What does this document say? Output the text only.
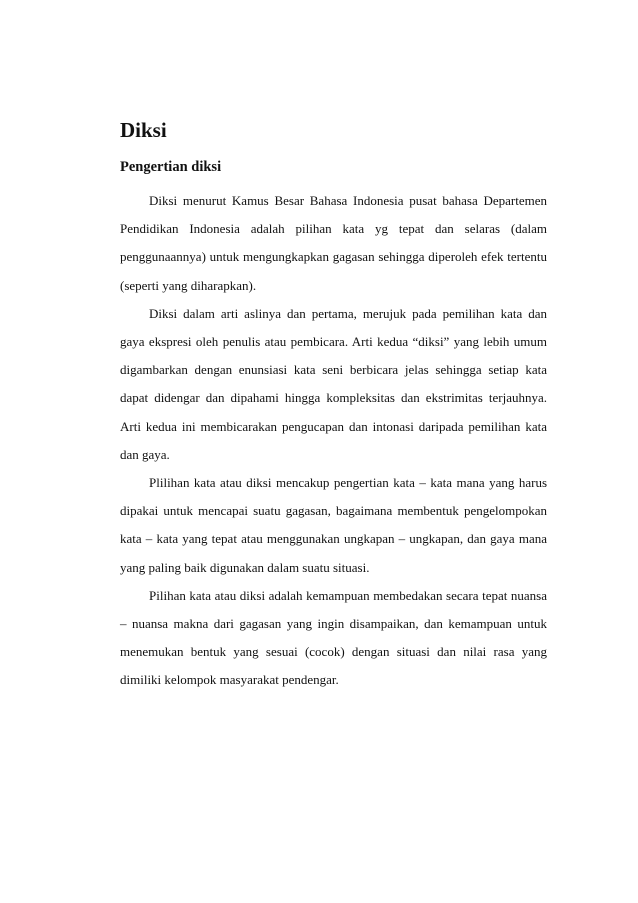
Diksi
Pengertian diksi

Diksi menurut Kamus Besar Bahasa Indonesia pusat bahasa Departemen Pendidikan Indonesia adalah pilihan kata yg tepat dan selaras (dalam penggunaannya) untuk mengungkapkan gagasan sehingga diperoleh efek tertentu (seperti yang diharapkan).

Diksi dalam arti aslinya dan pertama, merujuk pada pemilihan kata dan gaya ekspresi oleh penulis atau pembicara. Arti kedua “diksi” yang lebih umum digambarkan dengan enunsiasi kata seni berbicara jelas sehingga setiap kata dapat didengar dan dipahami hingga kompleksitas dan ekstrimitas terjauhnya. Arti kedua ini membicarakan pengucapan dan intonasi daripada pemilihan kata dan gaya.

Plilihan kata atau diksi mencakup pengertian kata – kata mana yang harus dipakai untuk mencapai suatu gagasan, bagaimana membentuk pengelompokan kata – kata yang tepat atau menggunakan ungkapan – ungkapan, dan gaya mana yang paling baik digunakan dalam suatu situasi.

Pilihan kata atau diksi adalah kemampuan membedakan secara tepat nuansa – nuansa makna dari gagasan yang ingin disampaikan, dan kemampuan untuk menemukan bentuk yang sesuai (cocok) dengan situasi dan nilai rasa yang dimiliki kelompok masyarakat pendengar.
